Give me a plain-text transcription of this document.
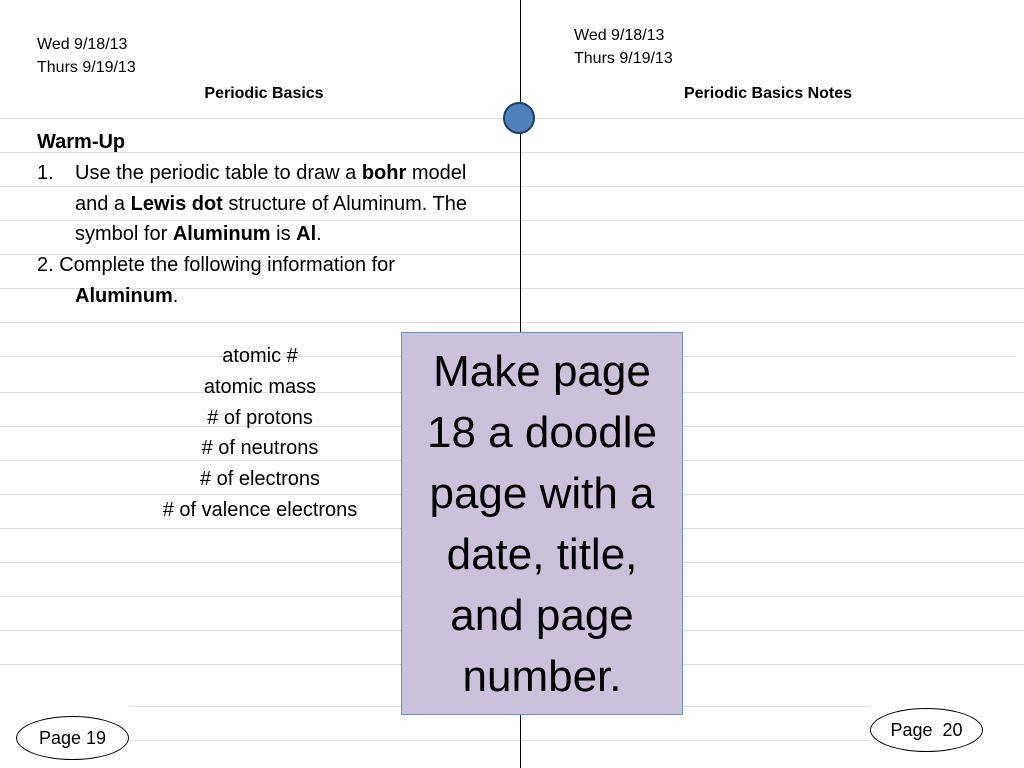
Wed 9/18/13
Thurs 9/19/13
Periodic Basics
Wed 9/18/13
Thurs 9/19/13
Periodic Basics Notes
Warm-Up
1. Use the periodic table to draw a bohr model and a Lewis dot structure of Aluminum. The symbol for Aluminum is Al.
2. Complete the following information for
Aluminum.
atomic #
atomic mass
# of protons
# of neutrons
# of electrons
# of valence electrons
Make page 18 a doodle page with a date, title, and page number.
Page 19	Page  20
